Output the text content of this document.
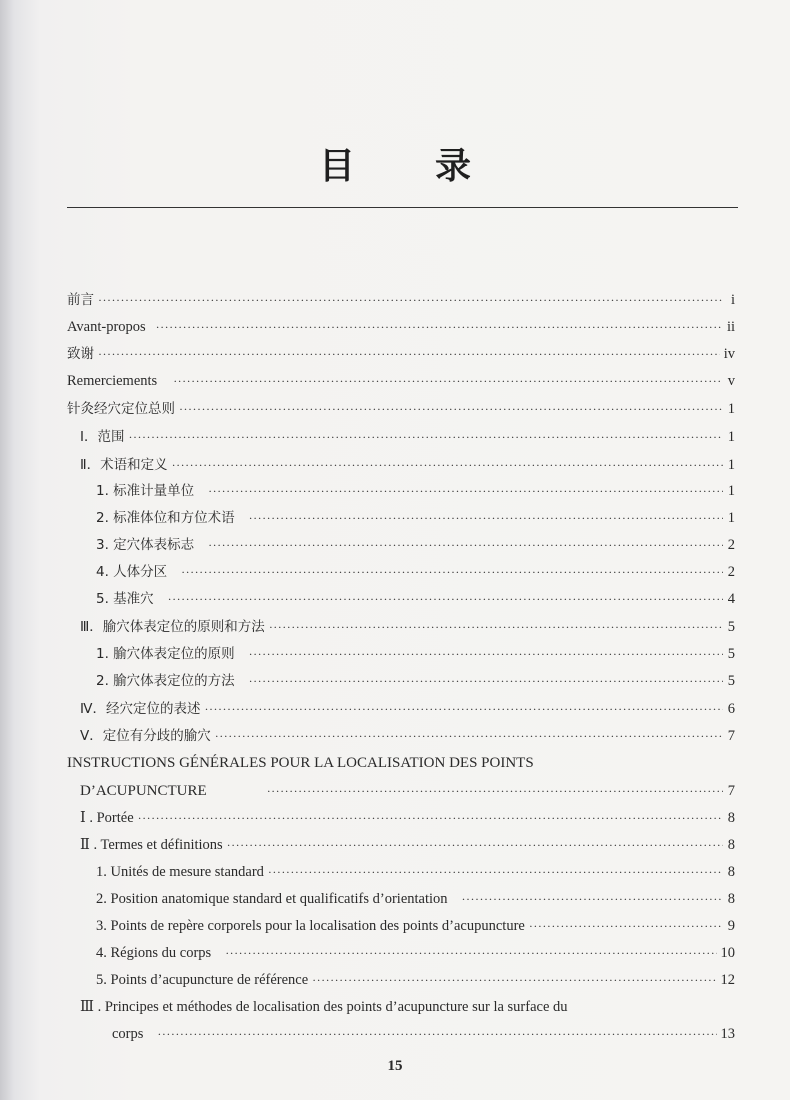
目 录
前言 ·····	i
Avant-propos ·····	ii
致谢 ·····	iv
Remerciements ·····	v
针灸经穴定位总则 ·····	1
Ⅰ．范围 ·····	1
Ⅱ．术语和定义 ·····	1
1. 标准计量单位 ·····	1
2. 标准体位和方位术语 ·····	1
3. 定穴体表标志 ·····	2
4. 人体分区 ·····	2
5. 基准穴 ·····	4
Ⅲ．腧穴体表定位的原则和方法 ·····	5
1. 腧穴体表定位的原则 ·····	5
2. 腧穴体表定位的方法 ·····	5
Ⅳ．经穴定位的表述 ·····	6
Ⅴ．定位有分歧的腧穴 ·····	7
INSTRUCTIONS GÉNÉRALES POUR LA LOCALISATION DES POINTS
D’ACUPUNCTURE ·····	7
Ⅰ . Portée ·····	8
Ⅱ . Termes et définitions ·····	8
1. Unités de mesure standard ·····	8
2. Position anatomique standard et qualificatifs d’orientation ·····	8
3. Points de repère corporels pour la localisation des points d’acupuncture ·····	9
4. Régions du corps ·····	10
5. Points d’acupuncture de référence ·····	12
Ⅲ . Principes et méthodes de localisation des points d’acupuncture sur la surface du
corps ·····	13
15
